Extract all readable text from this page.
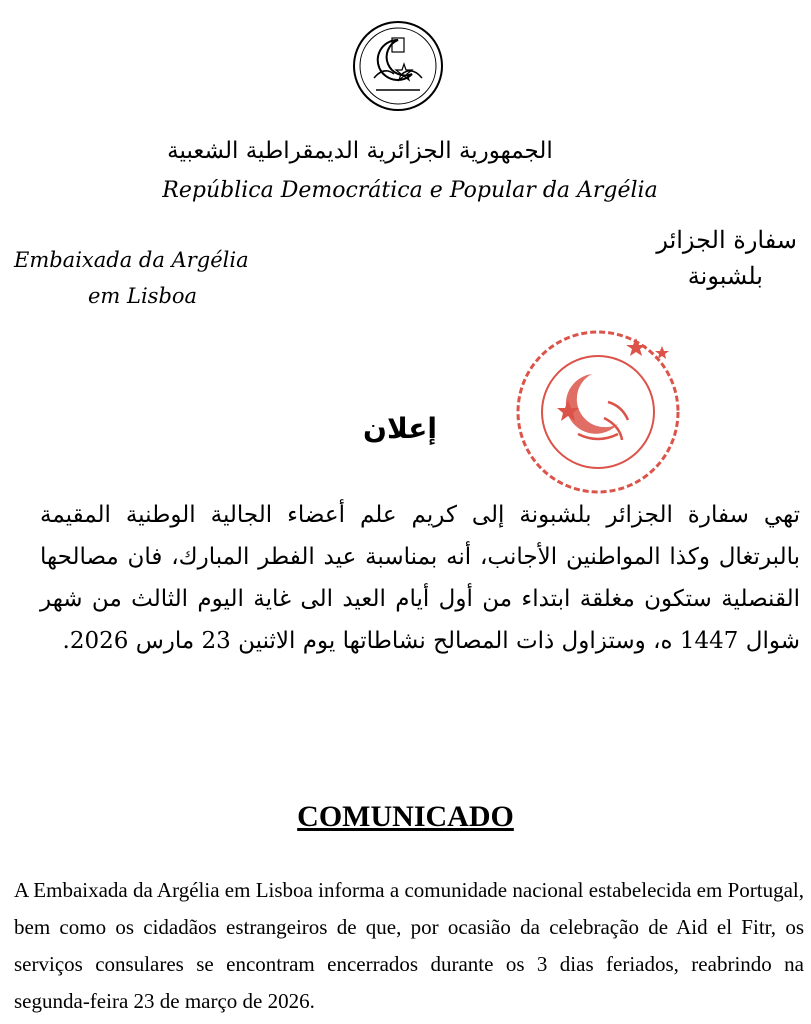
الجمهورية الجزائرية الديمقراطية الشعبية
República Democrática e Popular da Argélia
Embaixada da Argélia
em Lisboa
سفارة الجزائر
بلشبونة
إعلان
تهي سفارة الجزائر بلشبونة إلى كريم علم أعضاء الجالية الوطنية المقيمة بالبرتغال وكذا المواطنين الأجانب، أنه بمناسبة عيد الفطر المبارك، فان مصالحها القنصلية ستكون مغلقة ابتداء من أول أيام العيد الى غاية اليوم الثالث من شهر شوال 1447 ه، وستزاول ذات المصالح نشاطاتها يوم الاثنين 23 مارس 2026.
COMUNICADO
A Embaixada da Argélia em Lisboa informa a comunidade nacional estabelecida em Portugal, bem como os cidadãos estrangeiros de que, por ocasião da celebração de Aid el Fitr, os serviços consulares se encontram encerrados durante os 3 dias feriados, reabrindo na segunda-feira 23 de março de 2026.
